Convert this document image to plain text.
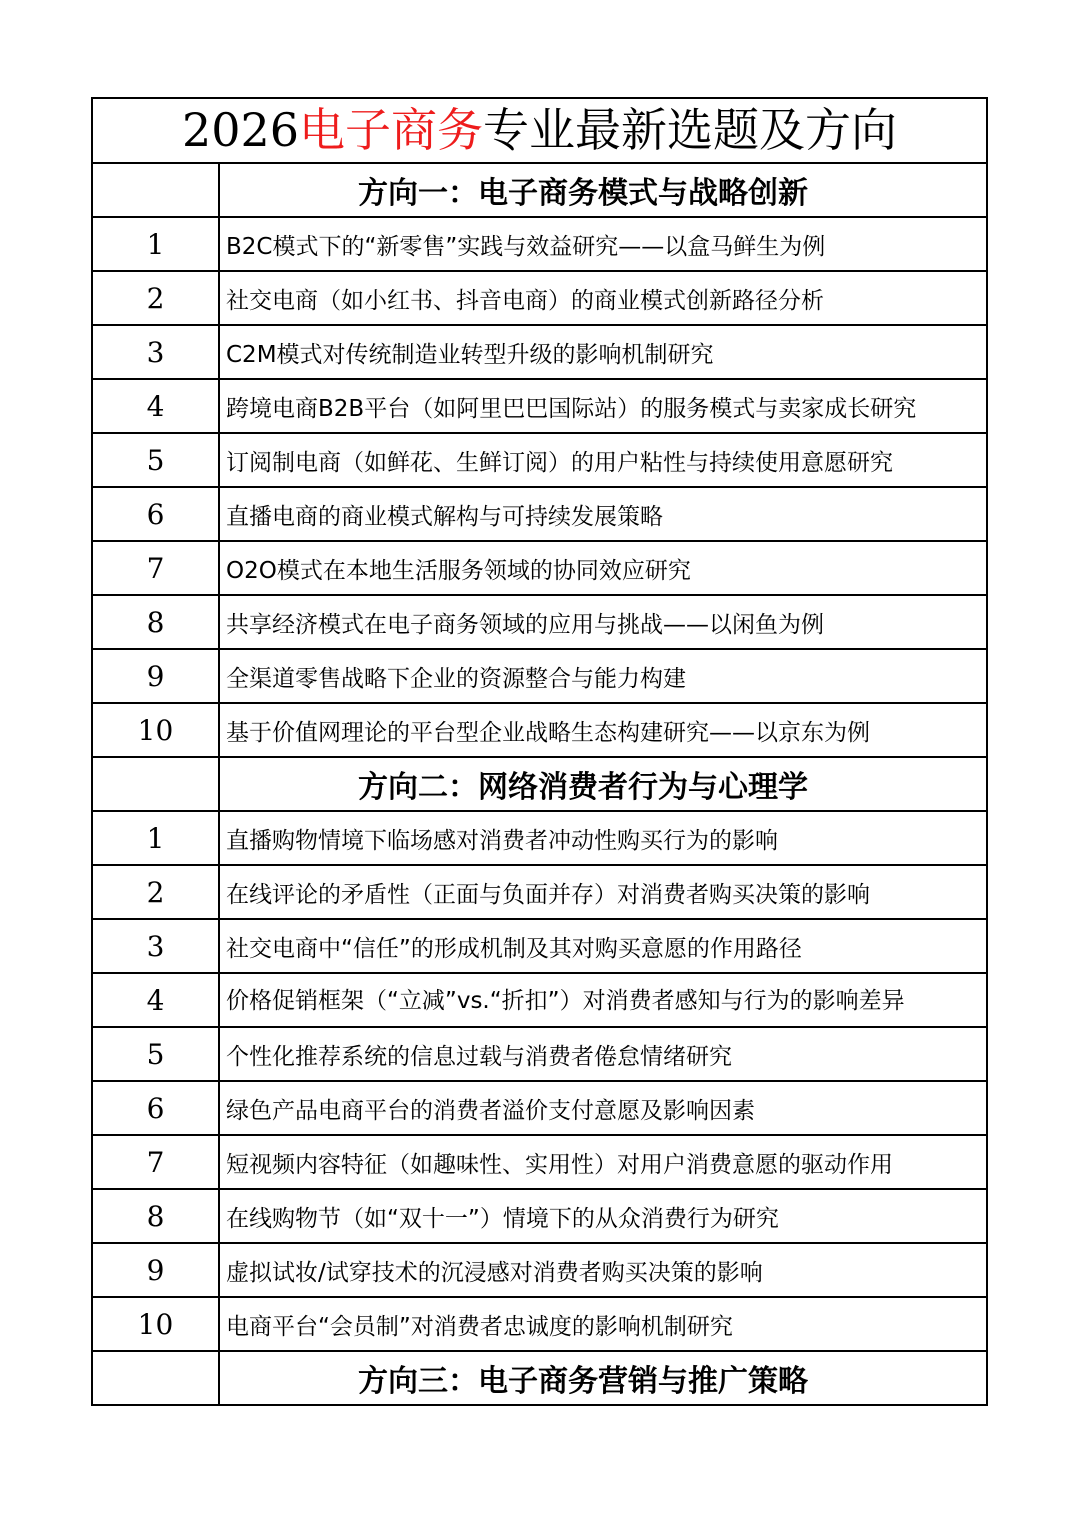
2026电子商务专业最新选题及方向	
	方向一：电子商务模式与战略创新
1	B2C模式下的“新零售”实践与效益研究——以盒马鲜生为例
2	社交电商（如小红书、抖音电商）的商业模式创新路径分析
3	C2M模式对传统制造业转型升级的影响机制研究
4	跨境电商B2B平台（如阿里巴巴国际站）的服务模式与卖家成长研究
5	订阅制电商（如鲜花、生鲜订阅）的用户粘性与持续使用意愿研究
6	直播电商的商业模式解构与可持续发展策略
7	O2O模式在本地生活服务领域的协同效应研究
8	共享经济模式在电子商务领域的应用与挑战——以闲鱼为例
9	全渠道零售战略下企业的资源整合与能力构建
10	基于价值网理论的平台型企业战略生态构建研究——以京东为例
	方向二：网络消费者行为与心理学
1	直播购物情境下临场感对消费者冲动性购买行为的影响
2	在线评论的矛盾性（正面与负面并存）对消费者购买决策的影响
3	社交电商中“信任”的形成机制及其对购买意愿的作用路径
4	价格促销框架（“立减”vs.“折扣”）对消费者感知与行为的影响差异

5	个性化推荐系统的信息过载与消费者倦怠情绪研究
6	绿色产品电商平台的消费者溢价支付意愿及影响因素
7	短视频内容特征（如趣味性、实用性）对用户消费意愿的驱动作用
8	在线购物节（如“双十一”）情境下的从众消费行为研究
9	虚拟试妆/试穿技术的沉浸感对消费者购买决策的影响
10	电商平台“会员制”对消费者忠诚度的影响机制研究
	方向三：电子商务营销与推广策略
